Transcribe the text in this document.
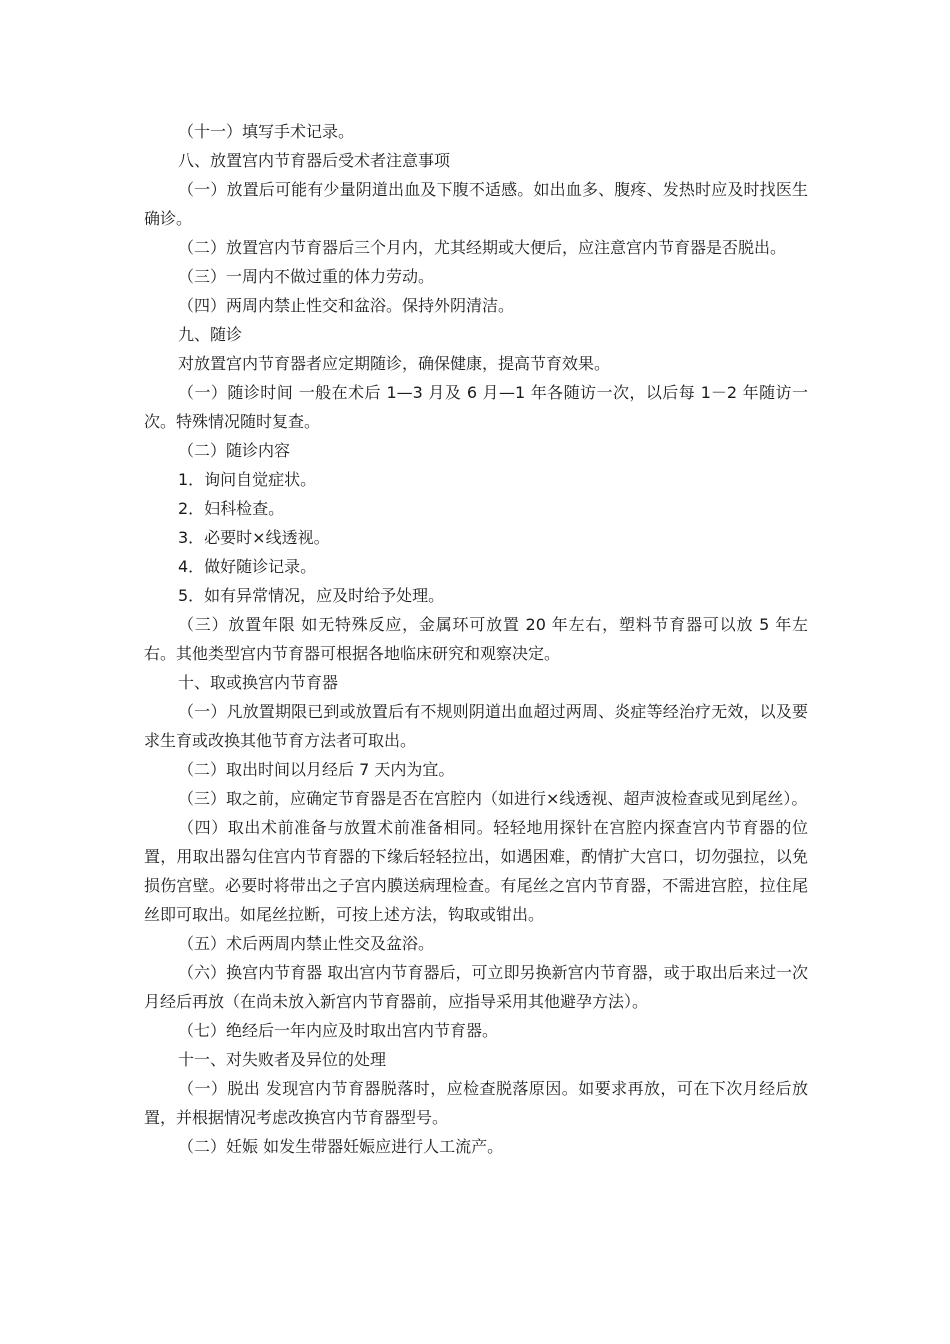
（十一）填写手术记录。

八、放置宫内节育器后受术者注意事项

（一）放置后可能有少量阴道出血及下腹不适感。如出血多、腹疼、发热时应及时找医生确诊。

（二）放置宫内节育器后三个月内，尤其经期或大便后，应注意宫内节育器是否脱出。

（三）一周内不做过重的体力劳动。

（四）两周内禁止性交和盆浴。保持外阴清洁。

九、随诊

对放置宫内节育器者应定期随诊，确保健康，提高节育效果。

（一）随诊时间 一般在术后 1—3 月及 6 月—1 年各随访一次，以后每 1－2 年随访一次。特殊情况随时复查。

（二）随诊内容

1．询问自觉症状。

2．妇科检查。

3．必要时×线透视。

4．做好随诊记录。

5．如有异常情况，应及时给予处理。

（三）放置年限 如无特殊反应，金属环可放置 20 年左右，塑料节育器可以放 5 年左右。其他类型宫内节育器可根据各地临床研究和观察决定。

十、取或换宫内节育器

（一）凡放置期限已到或放置后有不规则阴道出血超过两周、炎症等经治疗无效，以及要求生育或改换其他节育方法者可取出。

（二）取出时间以月经后 7 天内为宜。

（三）取之前，应确定节育器是否在宫腔内（如进行×线透视、超声波检查或见到尾丝）。

（四）取出术前准备与放置术前准备相同。轻轻地用探针在宫腔内探查宫内节育器的位置，用取出器勾住宫内节育器的下缘后轻轻拉出，如遇困难，酌情扩大宫口，切勿强拉，以免损伤宫壁。必要时将带出之子宫内膜送病理检查。有尾丝之宫内节育器，不需进宫腔，拉住尾丝即可取出。如尾丝拉断，可按上述方法，钩取或钳出。

（五）术后两周内禁止性交及盆浴。

（六）换宫内节育器 取出宫内节育器后，可立即另换新宫内节育器，或于取出后来过一次月经后再放（在尚未放入新宫内节育器前，应指导采用其他避孕方法）。

（七）绝经后一年内应及时取出宫内节育器。

十一、对失败者及异位的处理

（一）脱出 发现宫内节育器脱落时，应检查脱落原因。如要求再放，可在下次月经后放置，并根据情况考虑改换宫内节育器型号。

（二）妊娠 如发生带器妊娠应进行人工流产。
